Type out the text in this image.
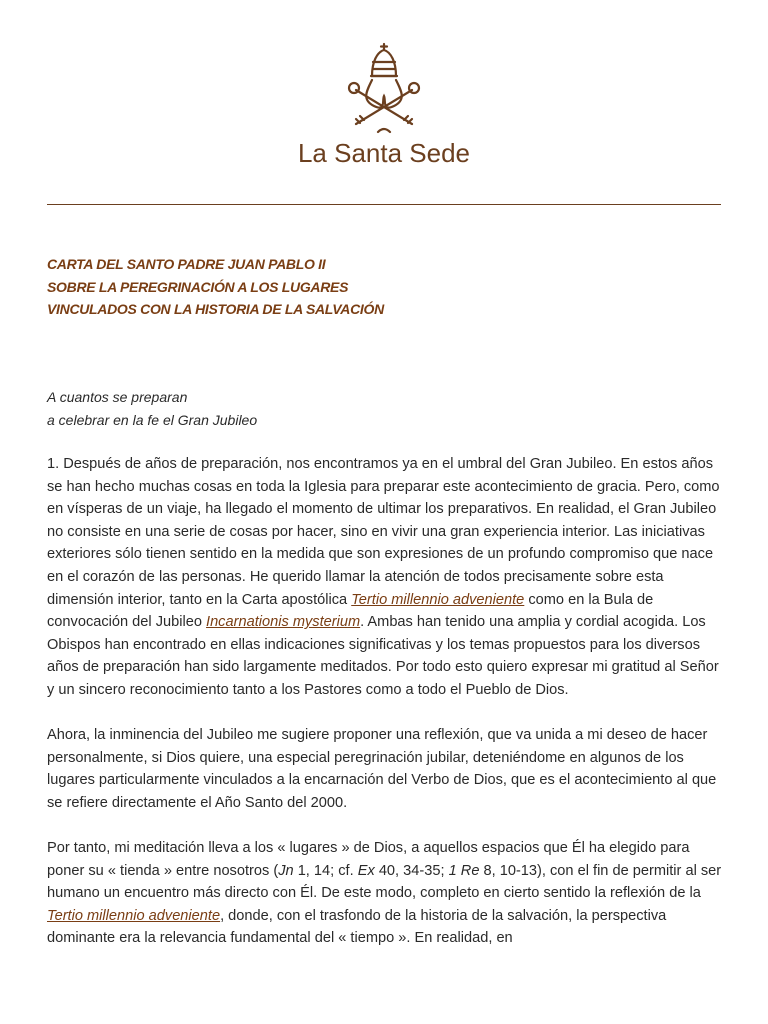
La Santa Sede
CARTA DEL SANTO PADRE JUAN PABLO II
SOBRE LA PEREGRINACIÓN A LOS LUGARES
VINCULADOS CON LA HISTORIA DE LA SALVACIÓN
A cuantos se preparan
a celebrar en la fe el Gran Jubileo

1. Después de años de preparación, nos encontramos ya en el umbral del Gran Jubileo. En estos años se han hecho muchas cosas en toda la Iglesia para preparar este acontecimiento de gracia. Pero, como en vísperas de un viaje, ha llegado el momento de ultimar los preparativos. En realidad, el Gran Jubileo no consiste en una serie de cosas por hacer, sino en vivir una gran experiencia interior. Las iniciativas exteriores sólo tienen sentido en la medida que son expresiones de un profundo compromiso que nace en el corazón de las personas. He querido llamar la atención de todos precisamente sobre esta dimensión interior, tanto en la Carta apostólica Tertio millennio adveniente como en la Bula de convocación del Jubileo Incarnationis mysterium. Ambas han tenido una amplia y cordial acogida. Los Obispos han encontrado en ellas indicaciones significativas y los temas propuestos para los diversos años de preparación han sido largamente meditados. Por todo esto quiero expresar mi gratitud al Señor y un sincero reconocimiento tanto a los Pastores como a todo el Pueblo de Dios.

Ahora, la inminencia del Jubileo me sugiere proponer una reflexión, que va unida a mi deseo de hacer personalmente, si Dios quiere, una especial peregrinación jubilar, deteniéndome en algunos de los lugares particularmente vinculados a la encarnación del Verbo de Dios, que es el acontecimiento al que se refiere directamente el Año Santo del 2000.

Por tanto, mi meditación lleva a los « lugares » de Dios, a aquellos espacios que Él ha elegido para poner su « tienda » entre nosotros (Jn 1, 14; cf. Ex 40, 34-35; 1 Re 8, 10-13), con el fin de permitir al ser humano un encuentro más directo con Él. De este modo, completo en cierto sentido la reflexión de la Tertio millennio adveniente, donde, con el trasfondo de la historia de la salvación, la perspectiva dominante era la relevancia fundamental del « tiempo ». En realidad, en
